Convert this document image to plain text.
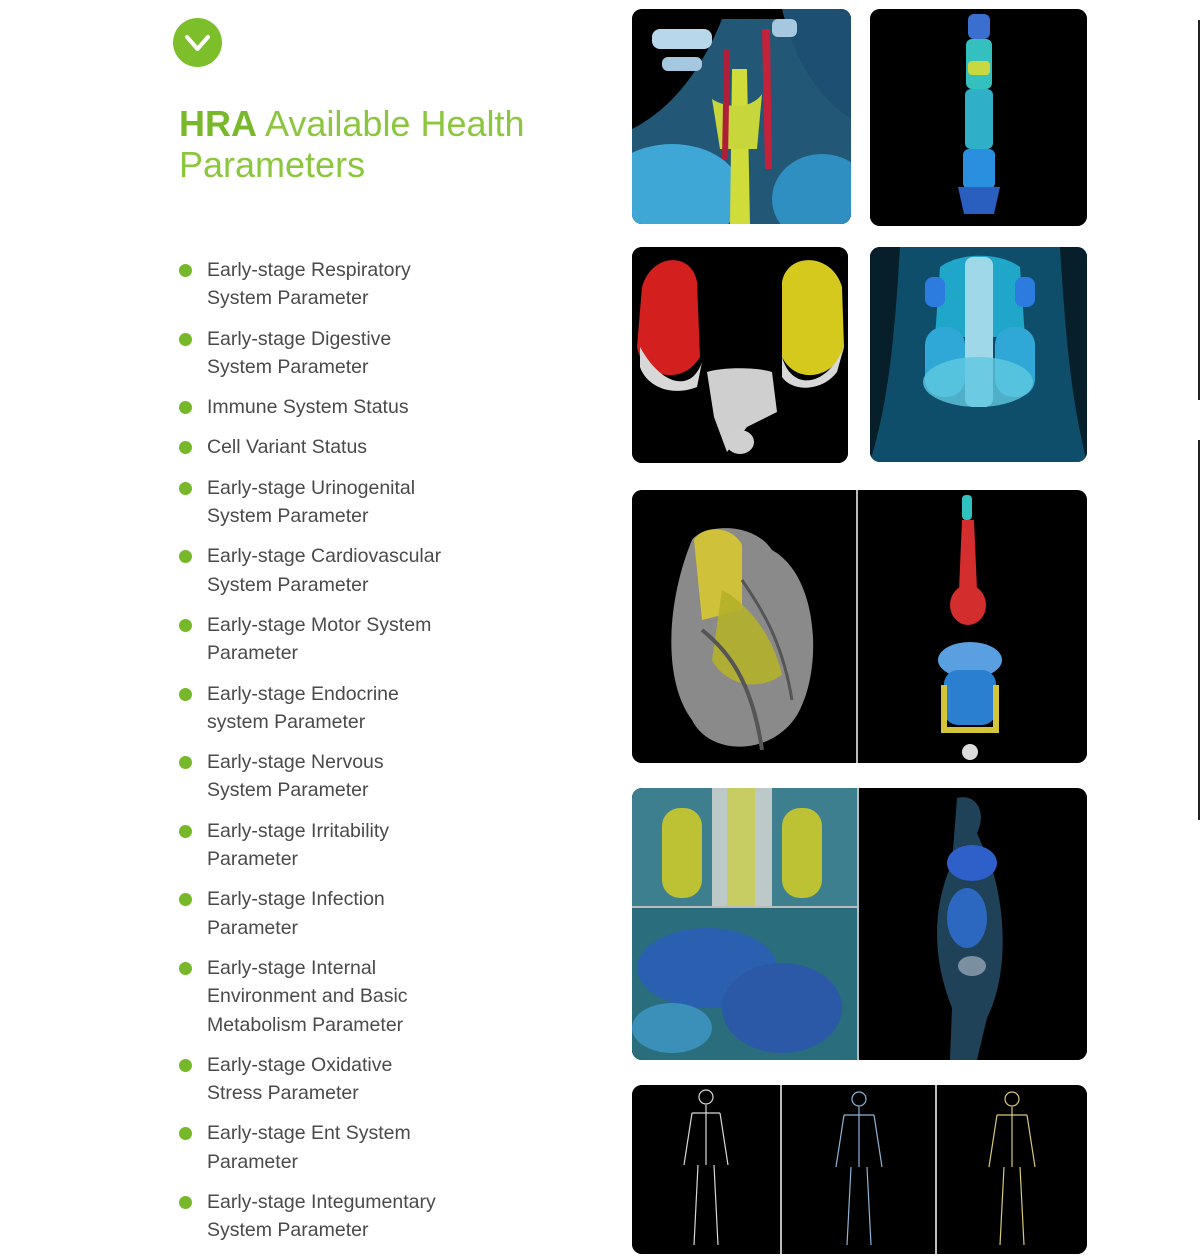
HRA Available Health
Parameters
Early-stage Respiratory
System Parameter
Early-stage Digestive
System Parameter
Immune System Status
Cell Variant Status
Early-stage Urinogenital
System Parameter
Early-stage Cardiovascular
System Parameter
Early-stage Motor System
Parameter
Early-stage Endocrine
system Parameter
Early-stage Nervous
System Parameter
Early-stage Irritability
Parameter
Early-stage Infection
Parameter
Early-stage Internal
Environment and Basic
Metabolism Parameter
Early-stage Oxidative
Stress Parameter
Early-stage Ent System
Parameter
Early-stage Integumentary
System Parameter
